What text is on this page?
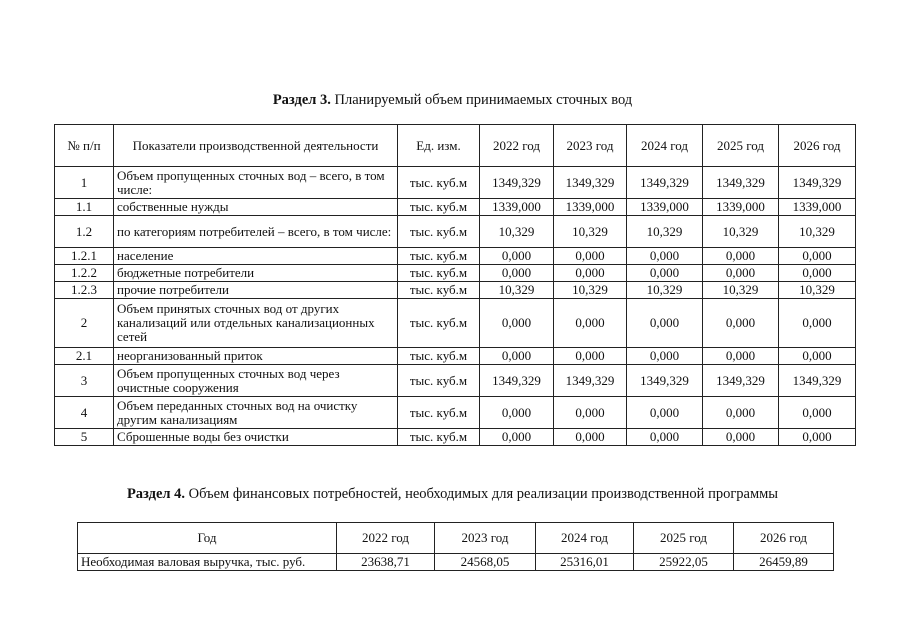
Раздел 3. Планируемый объем принимаемых сточных вод
№ п/п	Показатели производственной деятельности	Ед. изм.	2022 год	2023 год	2024 год	2025 год	2026 год
1	Объем пропущенных сточных вод – всего, в том числе:	тыс. куб.м	1349,329	1349,329	1349,329	1349,329	1349,329
1.1	собственные нужды	тыс. куб.м	1339,000	1339,000	1339,000	1339,000	1339,000
1.2	по категориям потребителей – всего, в том числе:	тыс. куб.м	10,329	10,329	10,329	10,329	10,329
1.2.1	население	тыс. куб.м	0,000	0,000	0,000	0,000	0,000
1.2.2	бюджетные потребители	тыс. куб.м	0,000	0,000	0,000	0,000	0,000
1.2.3	прочие потребители	тыс. куб.м	10,329	10,329	10,329	10,329	10,329
2	Объем принятых сточных вод от других канализаций или отдельных канализационных сетей	тыс. куб.м	0,000	0,000	0,000	0,000	0,000
2.1	неорганизованный приток	тыс. куб.м	0,000	0,000	0,000	0,000	0,000
3	Объем пропущенных сточных вод через очистные сооружения	тыс. куб.м	1349,329	1349,329	1349,329	1349,329	1349,329
4	Объем переданных сточных вод на очистку другим канализациям	тыс. куб.м	0,000	0,000	0,000	0,000	0,000
5	Сброшенные воды без очистки	тыс. куб.м	0,000	0,000	0,000	0,000	0,000
Раздел 4. Объем финансовых потребностей, необходимых для реализации производственной программы
Год	2022 год	2023 год	2024 год	2025 год	2026 год
Необходимая валовая выручка, тыс. руб.	23638,71	24568,05	25316,01	25922,05	26459,89
